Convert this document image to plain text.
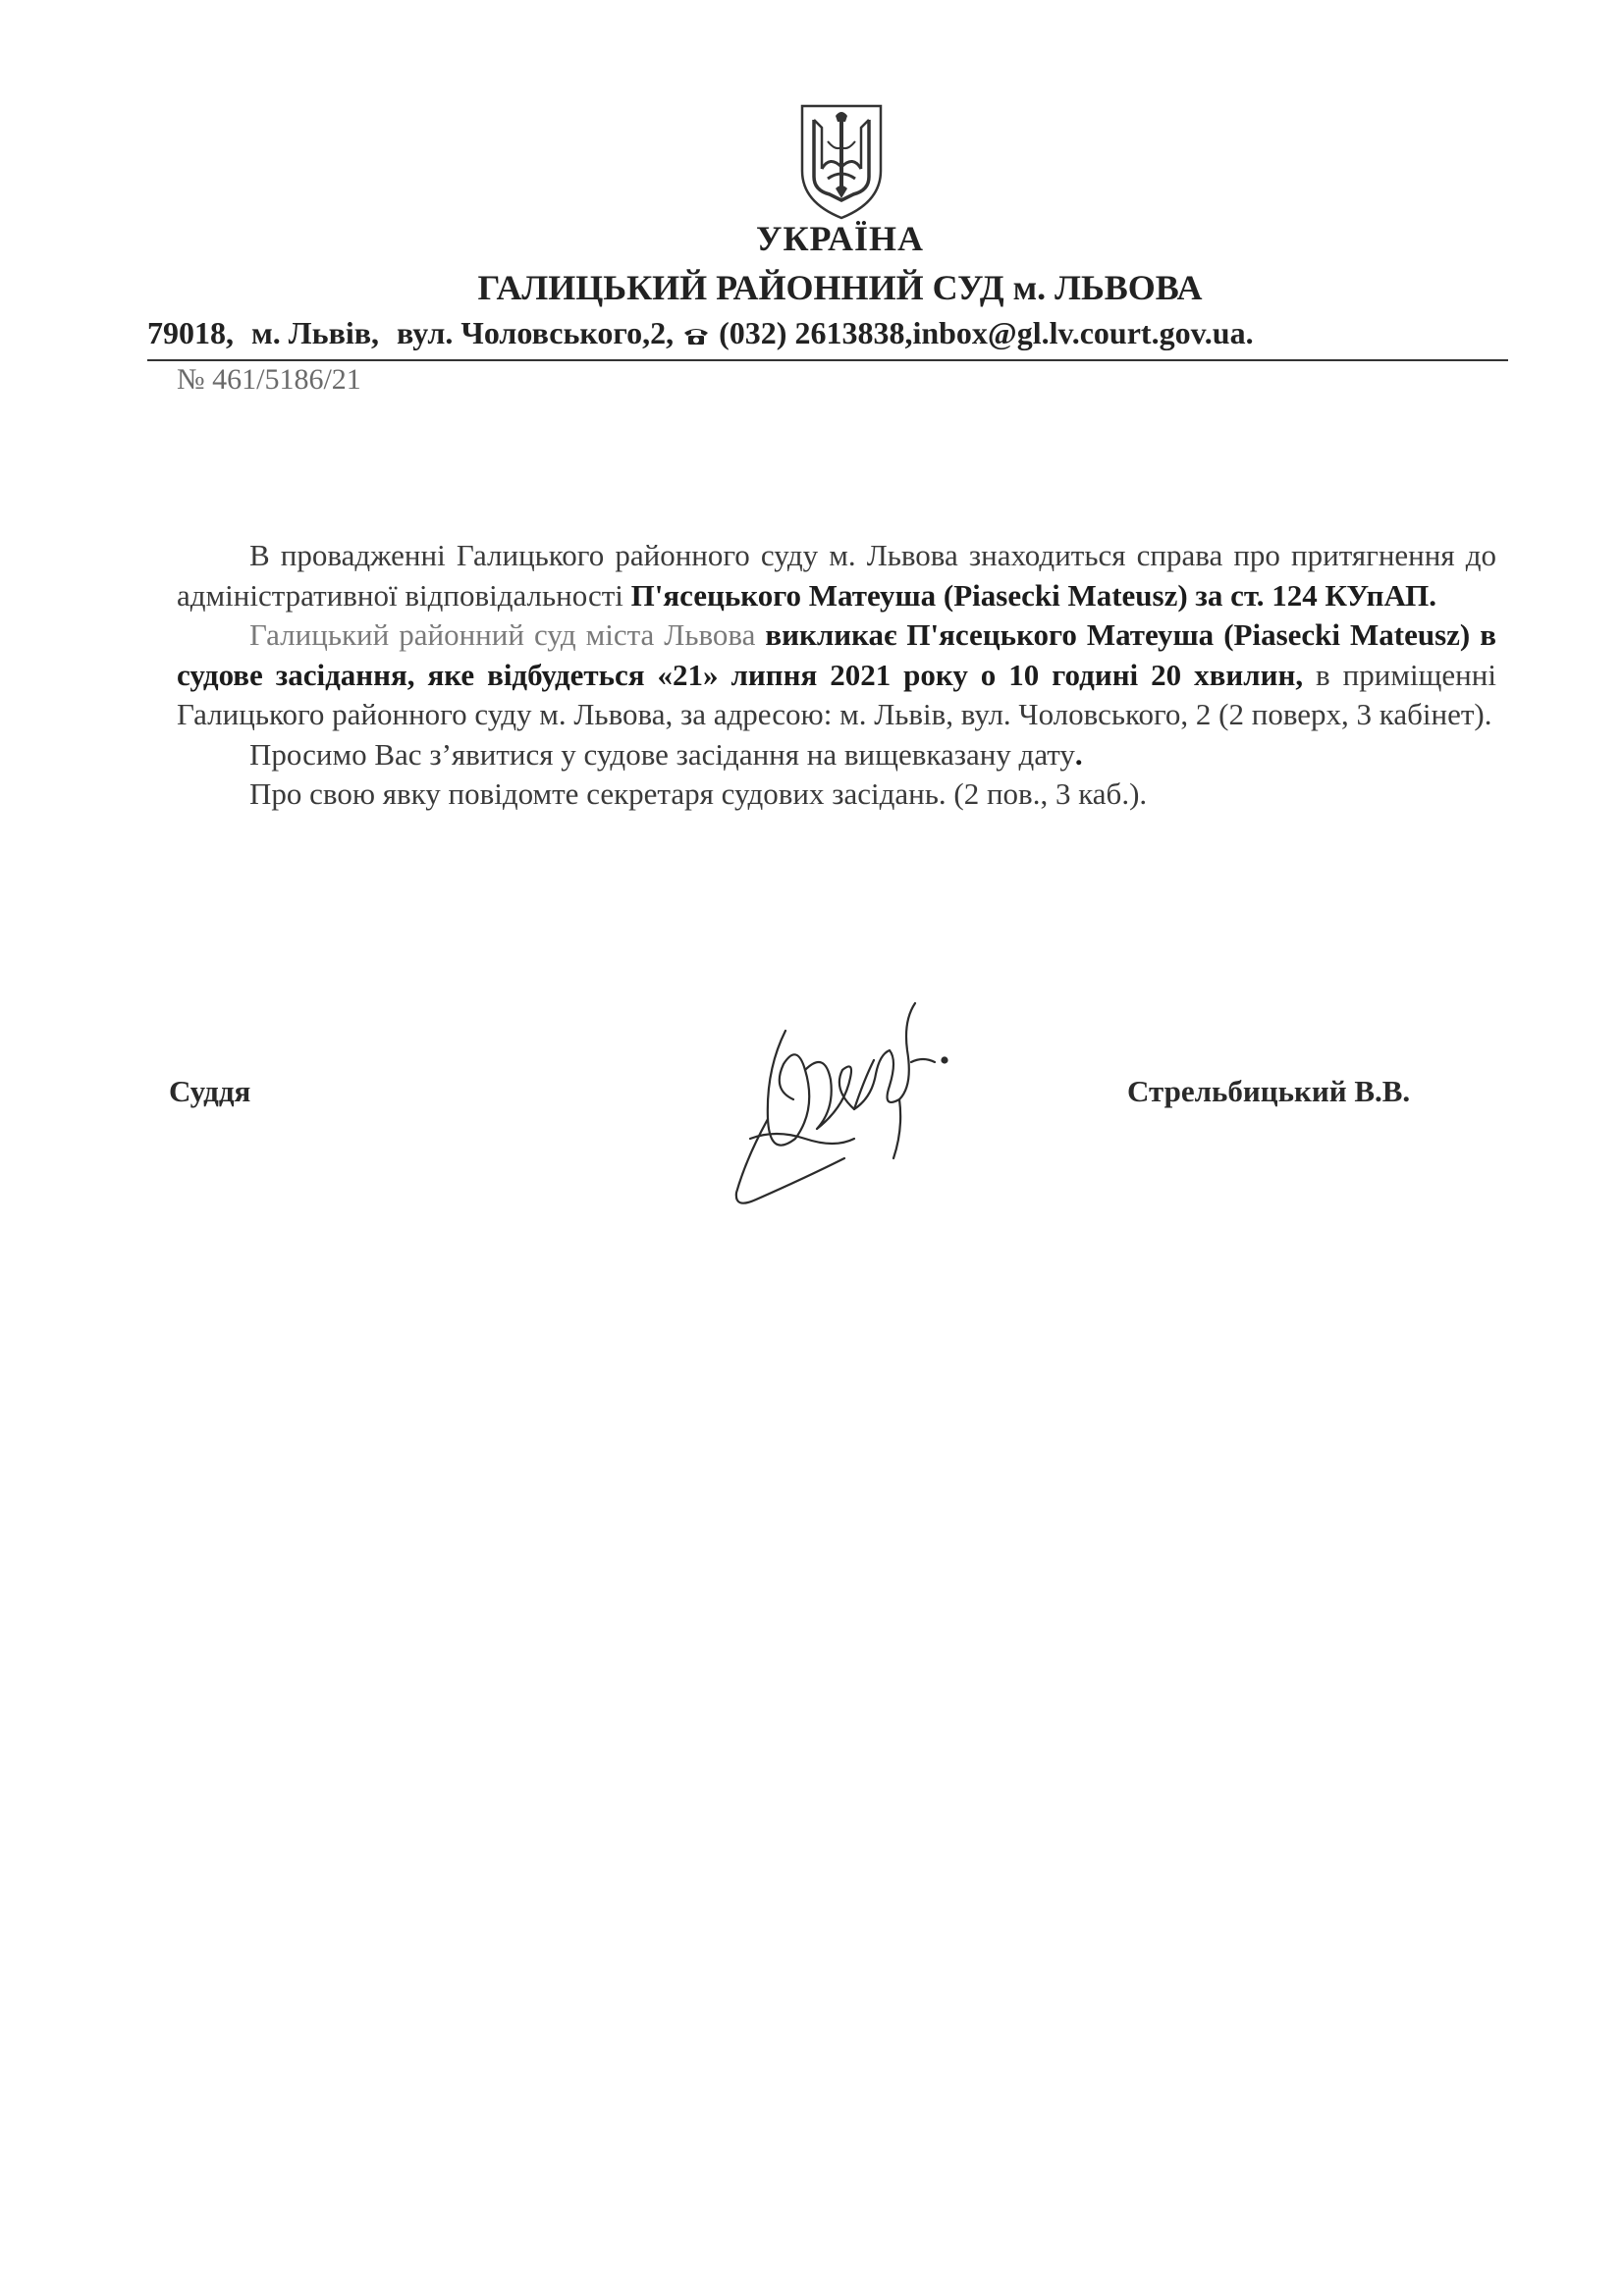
УКРАЇНА
ГАЛИЦЬКИЙ РАЙОННИЙ СУД м. ЛЬВОВА
79018, м. Львів, вул. Чоловського,2, (032) 2613838,inbox@gl.lv.court.gov.ua.
№ 461/5186/21

В провадженні Галицького районного суду м. Львова знаходиться справа про притягнення до адміністративної відповідальності П'ясецького Матеуша (Piasecki Mateusz) за ст. 124 КУпАП.

Галицький районний суд міста Львова викликає П'ясецького Матеуша (Piasecki Mateusz) в судове засідання, яке відбудеться «21» липня 2021 року о 10 годині 20 хвилин, в приміщенні Галицького районного суду м. Львова, за адресою: м. Львів, вул. Чоловського, 2 (2 поверх, 3 кабінет).

Просимо Вас з’явитися у судове засідання на вищевказану дату.

Про свою явку повідомте секретаря судових засідань. (2 пов., 3 каб.).

Суддя	Стрельбицький В.В.
